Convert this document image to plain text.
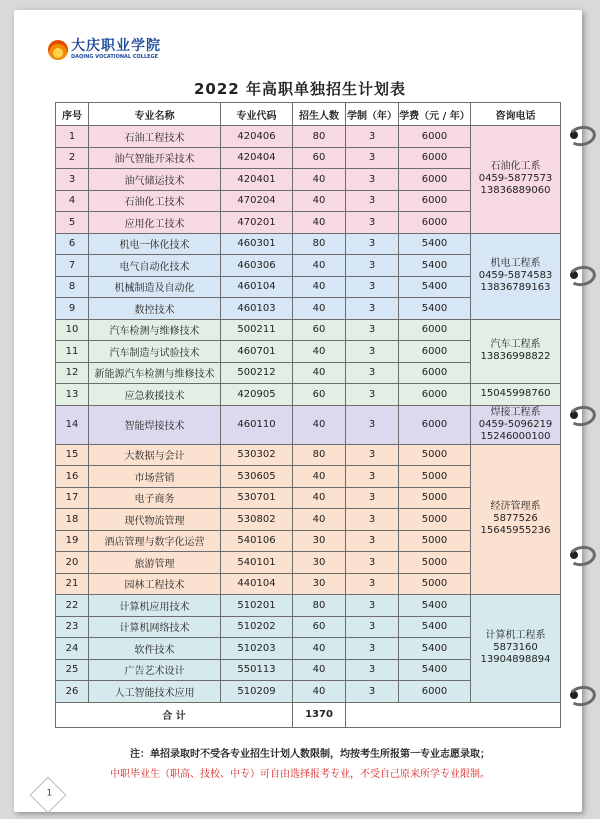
大庆职业学院
DAQING VOCATIONAL COLLEGE
2022 年高职单独招生计划表
序号	专业名称	专业代码	招生人数	学制（年）	学费（元 / 年）	咨询电话
1	石油工程技术	420406	80	3	6000	石油化工系
0459-5877573
13836889060

2	油气智能开采技术	420404	60	3	6000	
3	油气储运技术	420401	40	3	6000	
4	石油化工技术	470204	40	3	6000	
5	应用化工技术	470201	40	3	6000	
6	机电一体化技术	460301	80	3	5400	机电工程系
0459-5874583
13836789163

7	电气自动化技术	460306	40	3	5400	
8	机械制造及自动化	460104	40	3	5400	
9	数控技术	460103	40	3	5400	
10	汽车检测与维修技术	500211	60	3	6000	汽车工程系
13836998822

11	汽车制造与试验技术	460701	40	3	6000	
12	新能源汽车检测与维修技术	500212	40	3	6000	
13	应急救援技术	420905	60	3	6000	15045998760

14	智能焊接技术	460110	40	3	6000	焊接工程系
0459-5096219
15246000100

15	大数据与会计	530302	80	3	5000	经济管理系
5877526
15645955236

16	市场营销	530605	40	3	5000	
17	电子商务	530701	40	3	5000	
18	现代物流管理	530802	40	3	5000	
19	酒店管理与数字化运营	540106	30	3	5000	
20	旅游管理	540101	30	3	5000	
21	园林工程技术	440104	30	3	5000	
22	计算机应用技术	510201	80	3	5400	计算机工程系
5873160
13904898894

23	计算机网络技术	510202	60	3	5400	
24	软件技术	510203	40	3	5400	
25	广告艺术设计	550113	40	3	5400	
26	人工智能技术应用	510209	40	3	6000	
合 计			1370			
注：单招录取时不受各专业招生计划人数限制，均按考生所报第一专业志愿录取；
中职毕业生（职高、技校、中专）可自由选择报考专业，不受自己原来所学专业限制。
1
